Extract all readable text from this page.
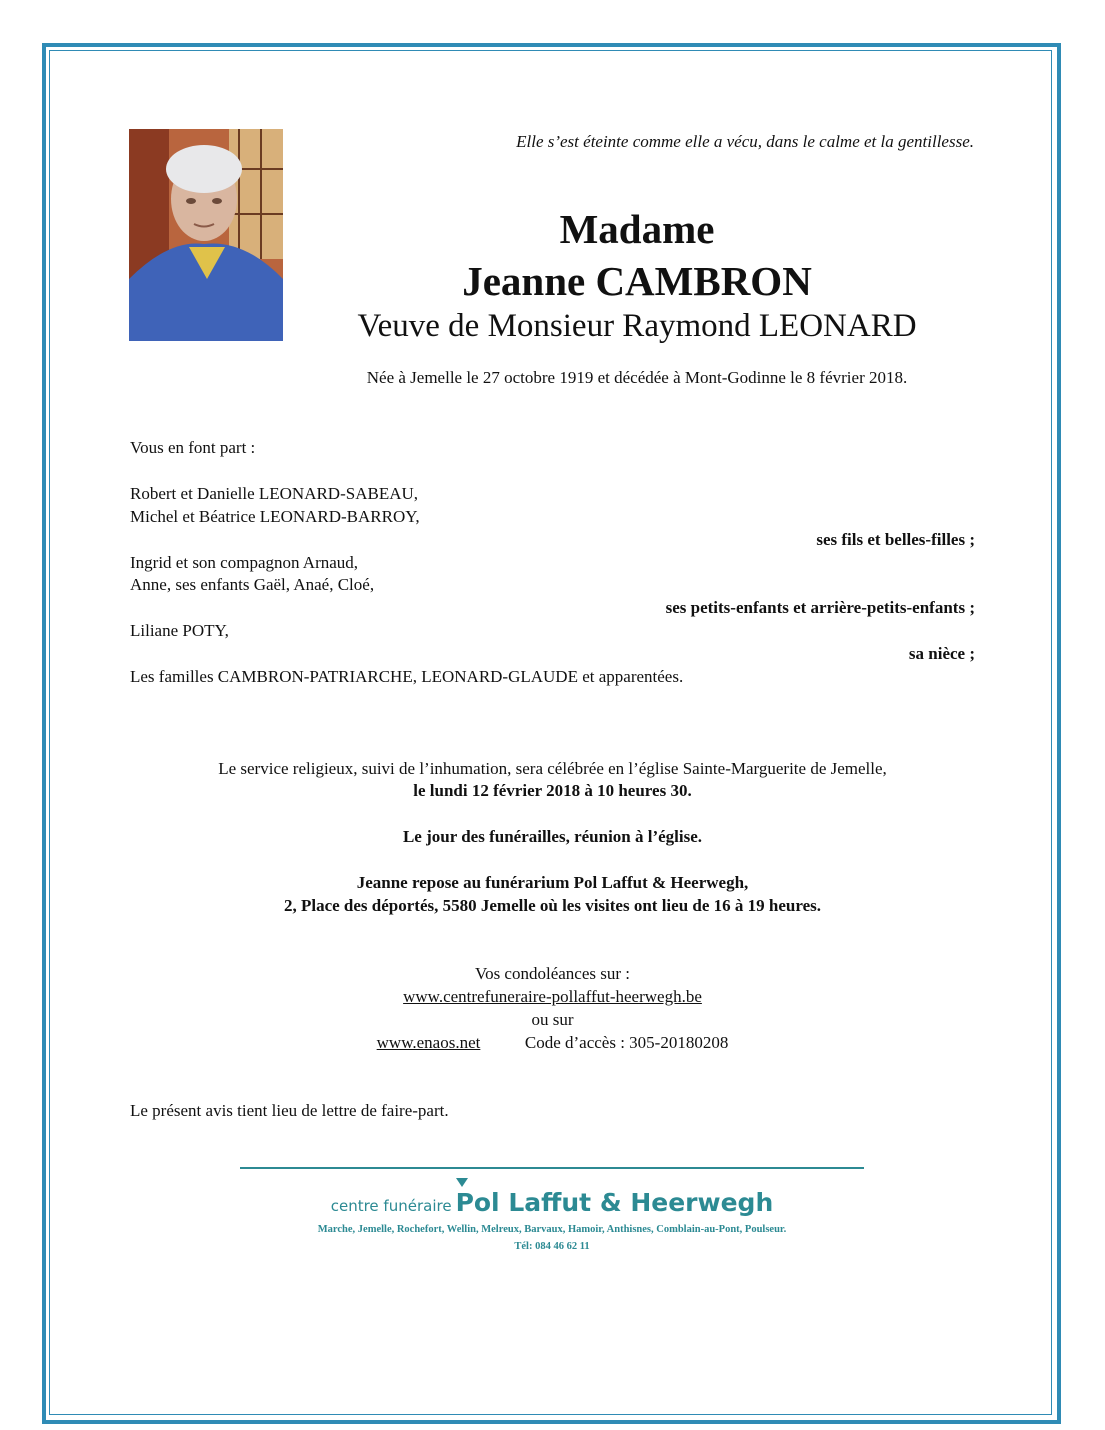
Elle s’est éteinte comme elle a vécu, dans le calme et la gentillesse.
Madame
Jeanne CAMBRON
Veuve de Monsieur Raymond LEONARD
Née à Jemelle le 27 octobre 1919 et décédée à Mont-Godinne le 8 février 2018.
Vous en font part :
Robert et Danielle LEONARD-SABEAU,
Michel et Béatrice LEONARD-BARROY,
ses fils et belles-filles ;
Ingrid et son compagnon Arnaud,
Anne, ses enfants Gaël, Anaé, Cloé,
ses petits-enfants et arrière-petits-enfants ;
Liliane POTY,
sa nièce ;
Les familles CAMBRON-PATRIARCHE, LEONARD-GLAUDE et apparentées.
Le service religieux, suivi de l’inhumation, sera célébrée en l’église Sainte-Marguerite de Jemelle,
le lundi 12 février 2018 à 10 heures 30.
Le jour des funérailles, réunion à l’église.
Jeanne repose au funérarium Pol Laffut & Heerwegh,
2, Place des déportés, 5580 Jemelle où les visites ont lieu de 16 à 19 heures.
Vos condoléances sur :
www.centrefuneraire-pollaffut-heerwegh.be
ou sur
www.enaos.net	Code d’accès : 305-20180208
Le présent avis tient lieu de lettre de faire-part.
centre funéraire Pol Laffut & Heerwegh
Marche, Jemelle, Rochefort, Wellin, Melreux, Barvaux, Hamoir, Anthisnes, Comblain-au-Pont, Poulseur.
Tél: 084 46 62 11
